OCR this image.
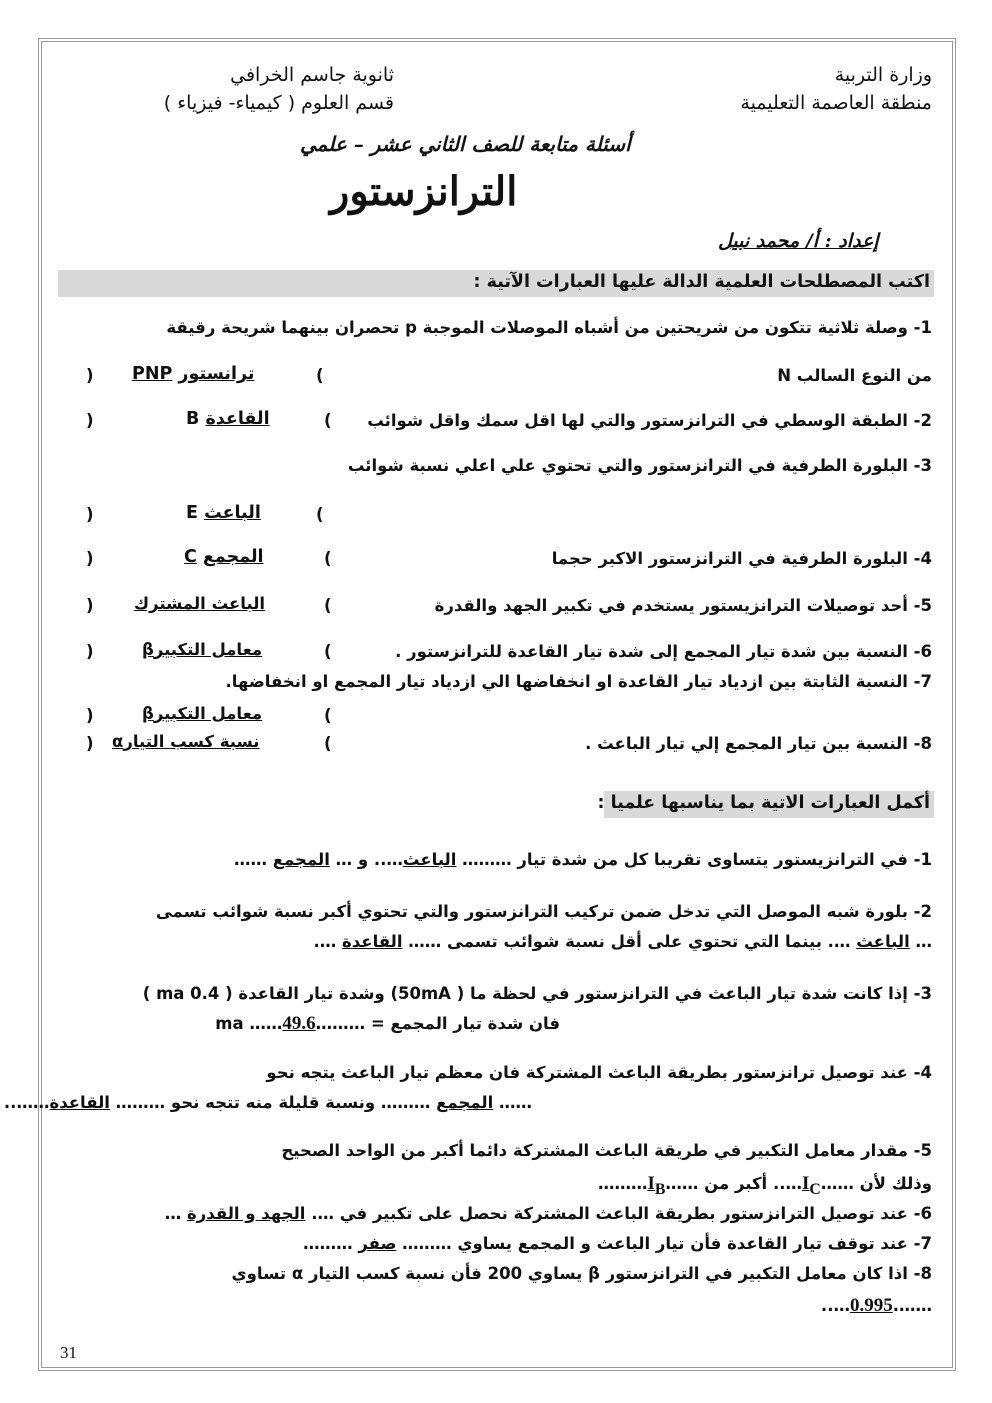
وزارة التربية
منطقة العاصمة التعليمية
ثانوية جاسم الخرافي
قسم العلوم ( كيمياء- فيزياء )
أسئلة متابعة للصف الثاني عشر – علمي
الترانزستور
إعداد : أ/ محمد نبيل
اكتب المصطلحات العلمية الدالة عليها العبارات الآتية :
1- وصلة ثلاثية تتكون من شريحتين من أشباه الموصلات الموجبة p تحصران بينهما شريحة رقيقة
من النوع السالب N
(
PNP ترانستور
)
2- الطبقة الوسطي في الترانزستور والتي لها اقل سمك واقل شوائب
(
B القاعدة
)
3- البلورة الطرفية في الترانزستور والتي تحتوي علي اعلي نسبة شوائب
(
E الباعث
)
4- البلورة الطرفية في الترانزستور الاكبر حجما
(
C المجمع
)
5- أحد توصيلات الترانزيستور يستخدم في تكبير الجهد والقدرة
(
الباعث المشترك
)
6- النسبة بين شدة تيار المجمع إلى شدة تيار القاعدة للترانزستور .
(
βمعامل التكبير
)
7- النسبة الثابتة بين ازدياد تيار القاعدة او انخفاضها الي ازدياد تيار المجمع او انخفاضها.
(
βمعامل التكبير
)
8- النسبة بين تيار المجمع إلي تيار الباعث .
(
αنسبة كسب التيار
)
أكمل العبارات الاتية بما يناسبها علميا :
1- في الترانزيستور يتساوى تقريبا كل من شدة تيار ……… الباعث….. و … المجمع ……
2- بلورة شبه الموصل التي تدخل ضمن تركيب الترانزستور والتي تحتوي أكبر نسبة شوائب تسمى
… الباعث …. بينما التي تحتوي على أقل نسبة شوائب تسمى …… القاعدة ….
3- إذا كانت شدة تيار الباعث في الترانزستور في لحظة ما ( 50mA) وشدة تيار القاعدة ( 0.4 ma )
فان شدة تيار المجمع = ………49.6…… ma
4- عند توصيل ترانزستور بطريقة الباعث المشتركة فان معظم تيار الباعث يتجه نحو
…… المجمع ……… ونسبة قليلة منه تتجه نحو ……… القاعدة……..
5- مقدار معامل التكبير في طريقة الباعث المشتركة دائما أكبر من الواحد الصحيح
وذلك لأن $\dots\dots I_C\dots$.. أكبر من $\dots\dots I_B\dots\dots\dots$
6- عند توصيل الترانزستور بطريقة الباعث المشتركة نحصل على تكبير في …. الجهد و القدرة …
7- عند توقف تيار القاعدة فأن تيار الباعث و المجمع يساوي ……… صفر ………
8- اذا كان معامل التكبير في الترانزستور β يساوي 200 فأن نسبة كسب التيار α تساوي
…….0.995…..
31
